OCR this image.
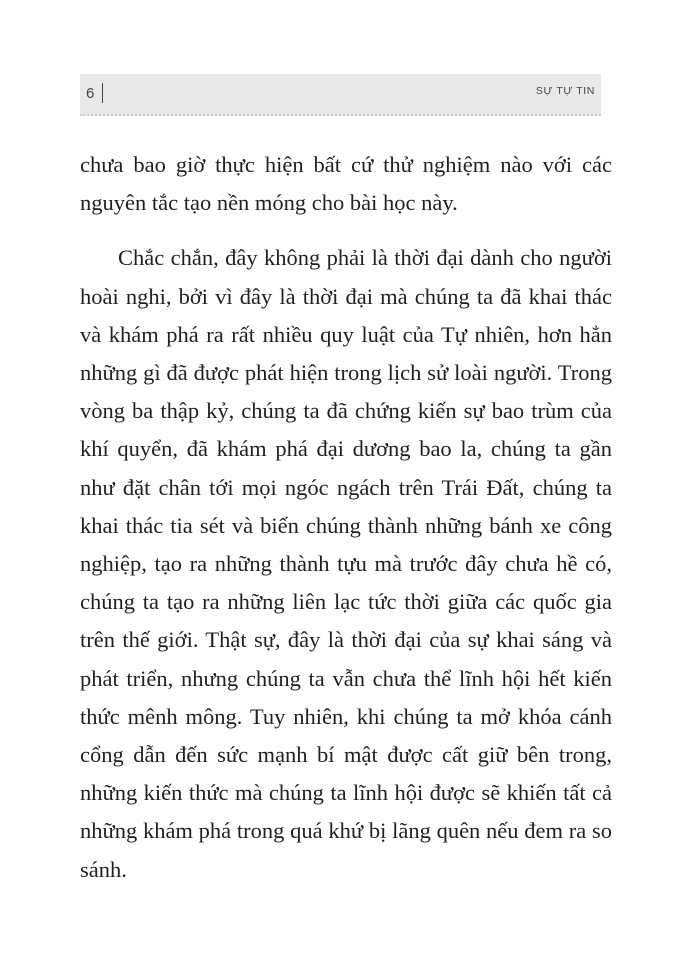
6	SỰ TỰ TIN

chưa bao giờ thực hiện bất cứ thử nghiệm nào với các nguyên tắc tạo nền móng cho bài học này.

Chắc chắn, đây không phải là thời đại dành cho người hoài nghi, bởi vì đây là thời đại mà chúng ta đã khai thác và khám phá ra rất nhiều quy luật của Tự nhiên, hơn hẳn những gì đã được phát hiện trong lịch sử loài người. Trong vòng ba thập kỷ, chúng ta đã chứng kiến sự bao trùm của khí quyển, đã khám phá đại dương bao la, chúng ta gần như đặt chân tới mọi ngóc ngách trên Trái Đất, chúng ta khai thác tia sét và biến chúng thành những bánh xe công nghiệp, tạo ra những thành tựu mà trước đây chưa hề có, chúng ta tạo ra những liên lạc tức thời giữa các quốc gia trên thế giới. Thật sự, đây là thời đại của sự khai sáng và phát triển, nhưng chúng ta vẫn chưa thể lĩnh hội hết kiến thức mênh mông. Tuy nhiên, khi chúng ta mở khóa cánh cổng dẫn đến sức mạnh bí mật được cất giữ bên trong, những kiến thức mà chúng ta lĩnh hội được sẽ khiến tất cả những khám phá trong quá khứ bị lãng quên nếu đem ra so sánh.
